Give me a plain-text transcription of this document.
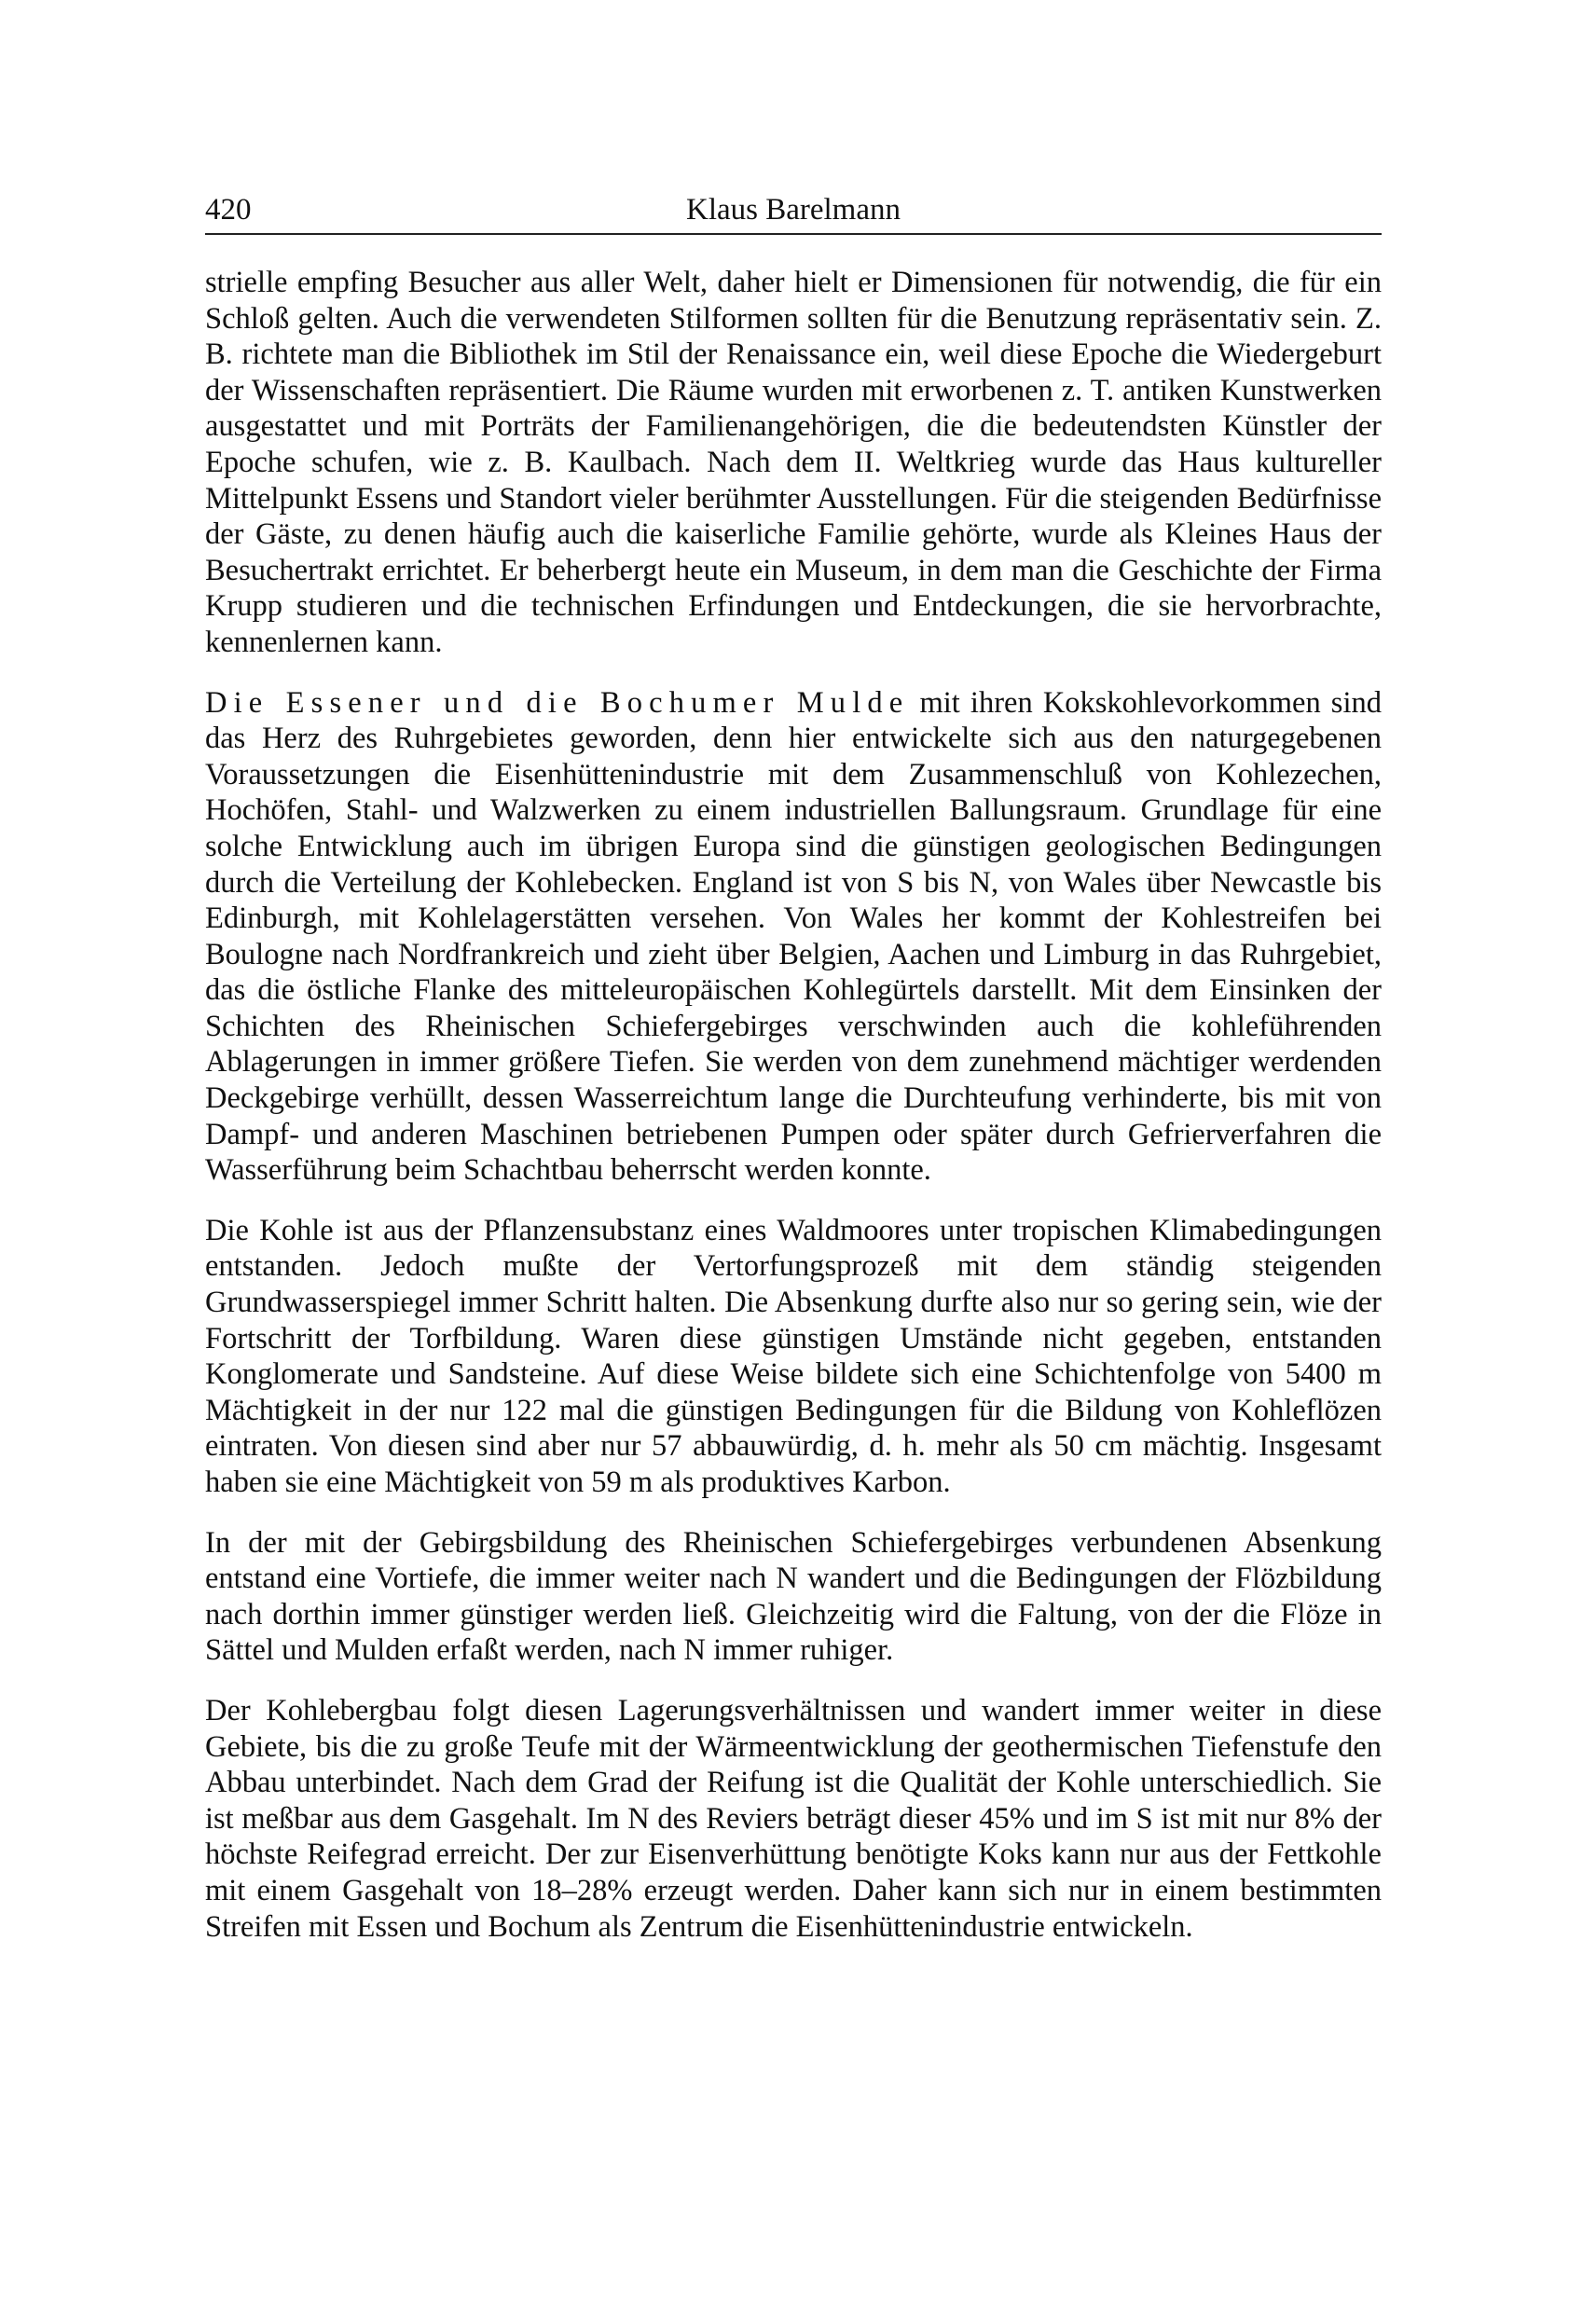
420	Klaus Barelmann

strielle empfing Besucher aus aller Welt, daher hielt er Dimensionen für notwendig, die für ein Schloß gelten. Auch die verwendeten Stilformen sollten für die Benutzung repräsentativ sein. Z. B. richtete man die Bibliothek im Stil der Renaissance ein, weil diese Epoche die Wiedergeburt der Wissenschaften repräsentiert. Die Räume wurden mit erworbenen z. T. antiken Kunstwerken ausgestattet und mit Porträts der Familienangehörigen, die die bedeutendsten Künstler der Epoche schufen, wie z. B. Kaulbach. Nach dem II. Weltkrieg wurde das Haus kultureller Mittelpunkt Essens und Standort vieler berühmter Ausstellungen. Für die steigenden Bedürfnisse der Gäste, zu denen häufig auch die kaiserliche Familie gehörte, wurde als Kleines Haus der Besuchertrakt errichtet. Er beherbergt heute ein Museum, in dem man die Geschichte der Firma Krupp studieren und die technischen Erfindungen und Entdeckungen, die sie hervorbrachte, kennenlernen kann.

Die Essener und die Bochumer Mulde mit ihren Kokskohlevorkommen sind das Herz des Ruhrgebietes geworden, denn hier entwickelte sich aus den naturgegebenen Voraussetzungen die Eisenhüttenindustrie mit dem Zusammenschluß von Kohlezechen, Hochöfen, Stahl- und Walzwerken zu einem industriellen Ballungsraum. Grundlage für eine solche Entwicklung auch im übrigen Europa sind die günstigen geologischen Bedingungen durch die Verteilung der Kohlebecken. England ist von S bis N, von Wales über Newcastle bis Edinburgh, mit Kohlelagerstätten versehen. Von Wales her kommt der Kohlestreifen bei Boulogne nach Nordfrankreich und zieht über Belgien, Aachen und Limburg in das Ruhrgebiet, das die östliche Flanke des mitteleuropäischen Kohlegürtels darstellt. Mit dem Einsinken der Schichten des Rheinischen Schiefergebirges verschwinden auch die kohleführenden Ablagerungen in immer größere Tiefen. Sie werden von dem zunehmend mächtiger werdenden Deckgebirge verhüllt, dessen Wasserreichtum lange die Durchteufung verhinderte, bis mit von Dampf- und anderen Maschinen betriebenen Pumpen oder später durch Gefrierverfahren die Wasserführung beim Schachtbau beherrscht werden konnte.

Die Kohle ist aus der Pflanzensubstanz eines Waldmoores unter tropischen Klimabedingungen entstanden. Jedoch mußte der Vertorfungsprozeß mit dem ständig steigenden Grundwasserspiegel immer Schritt halten. Die Absenkung durfte also nur so gering sein, wie der Fortschritt der Torfbildung. Waren diese günstigen Umstände nicht gegeben, entstanden Konglomerate und Sandsteine. Auf diese Weise bildete sich eine Schichtenfolge von 5400 m Mächtigkeit in der nur 122 mal die günstigen Bedingungen für die Bildung von Kohleflözen eintraten. Von diesen sind aber nur 57 abbauwürdig, d. h. mehr als 50 cm mächtig. Insgesamt haben sie eine Mächtigkeit von 59 m als produktives Karbon.

In der mit der Gebirgsbildung des Rheinischen Schiefergebirges verbundenen Absenkung entstand eine Vortiefe, die immer weiter nach N wandert und die Bedingungen der Flözbildung nach dorthin immer günstiger werden ließ. Gleichzeitig wird die Faltung, von der die Flöze in Sättel und Mulden erfaßt werden, nach N immer ruhiger.

Der Kohlebergbau folgt diesen Lagerungsverhältnissen und wandert immer weiter in diese Gebiete, bis die zu große Teufe mit der Wärmeentwicklung der geothermischen Tiefenstufe den Abbau unterbindet. Nach dem Grad der Reifung ist die Qualität der Kohle unterschiedlich. Sie ist meßbar aus dem Gasgehalt. Im N des Reviers beträgt dieser 45% und im S ist mit nur 8% der höchste Reifegrad erreicht. Der zur Eisenverhüttung benötigte Koks kann nur aus der Fettkohle mit einem Gasgehalt von 18–28% erzeugt werden. Daher kann sich nur in einem bestimmten Streifen mit Essen und Bochum als Zentrum die Eisenhüttenindustrie entwickeln.
